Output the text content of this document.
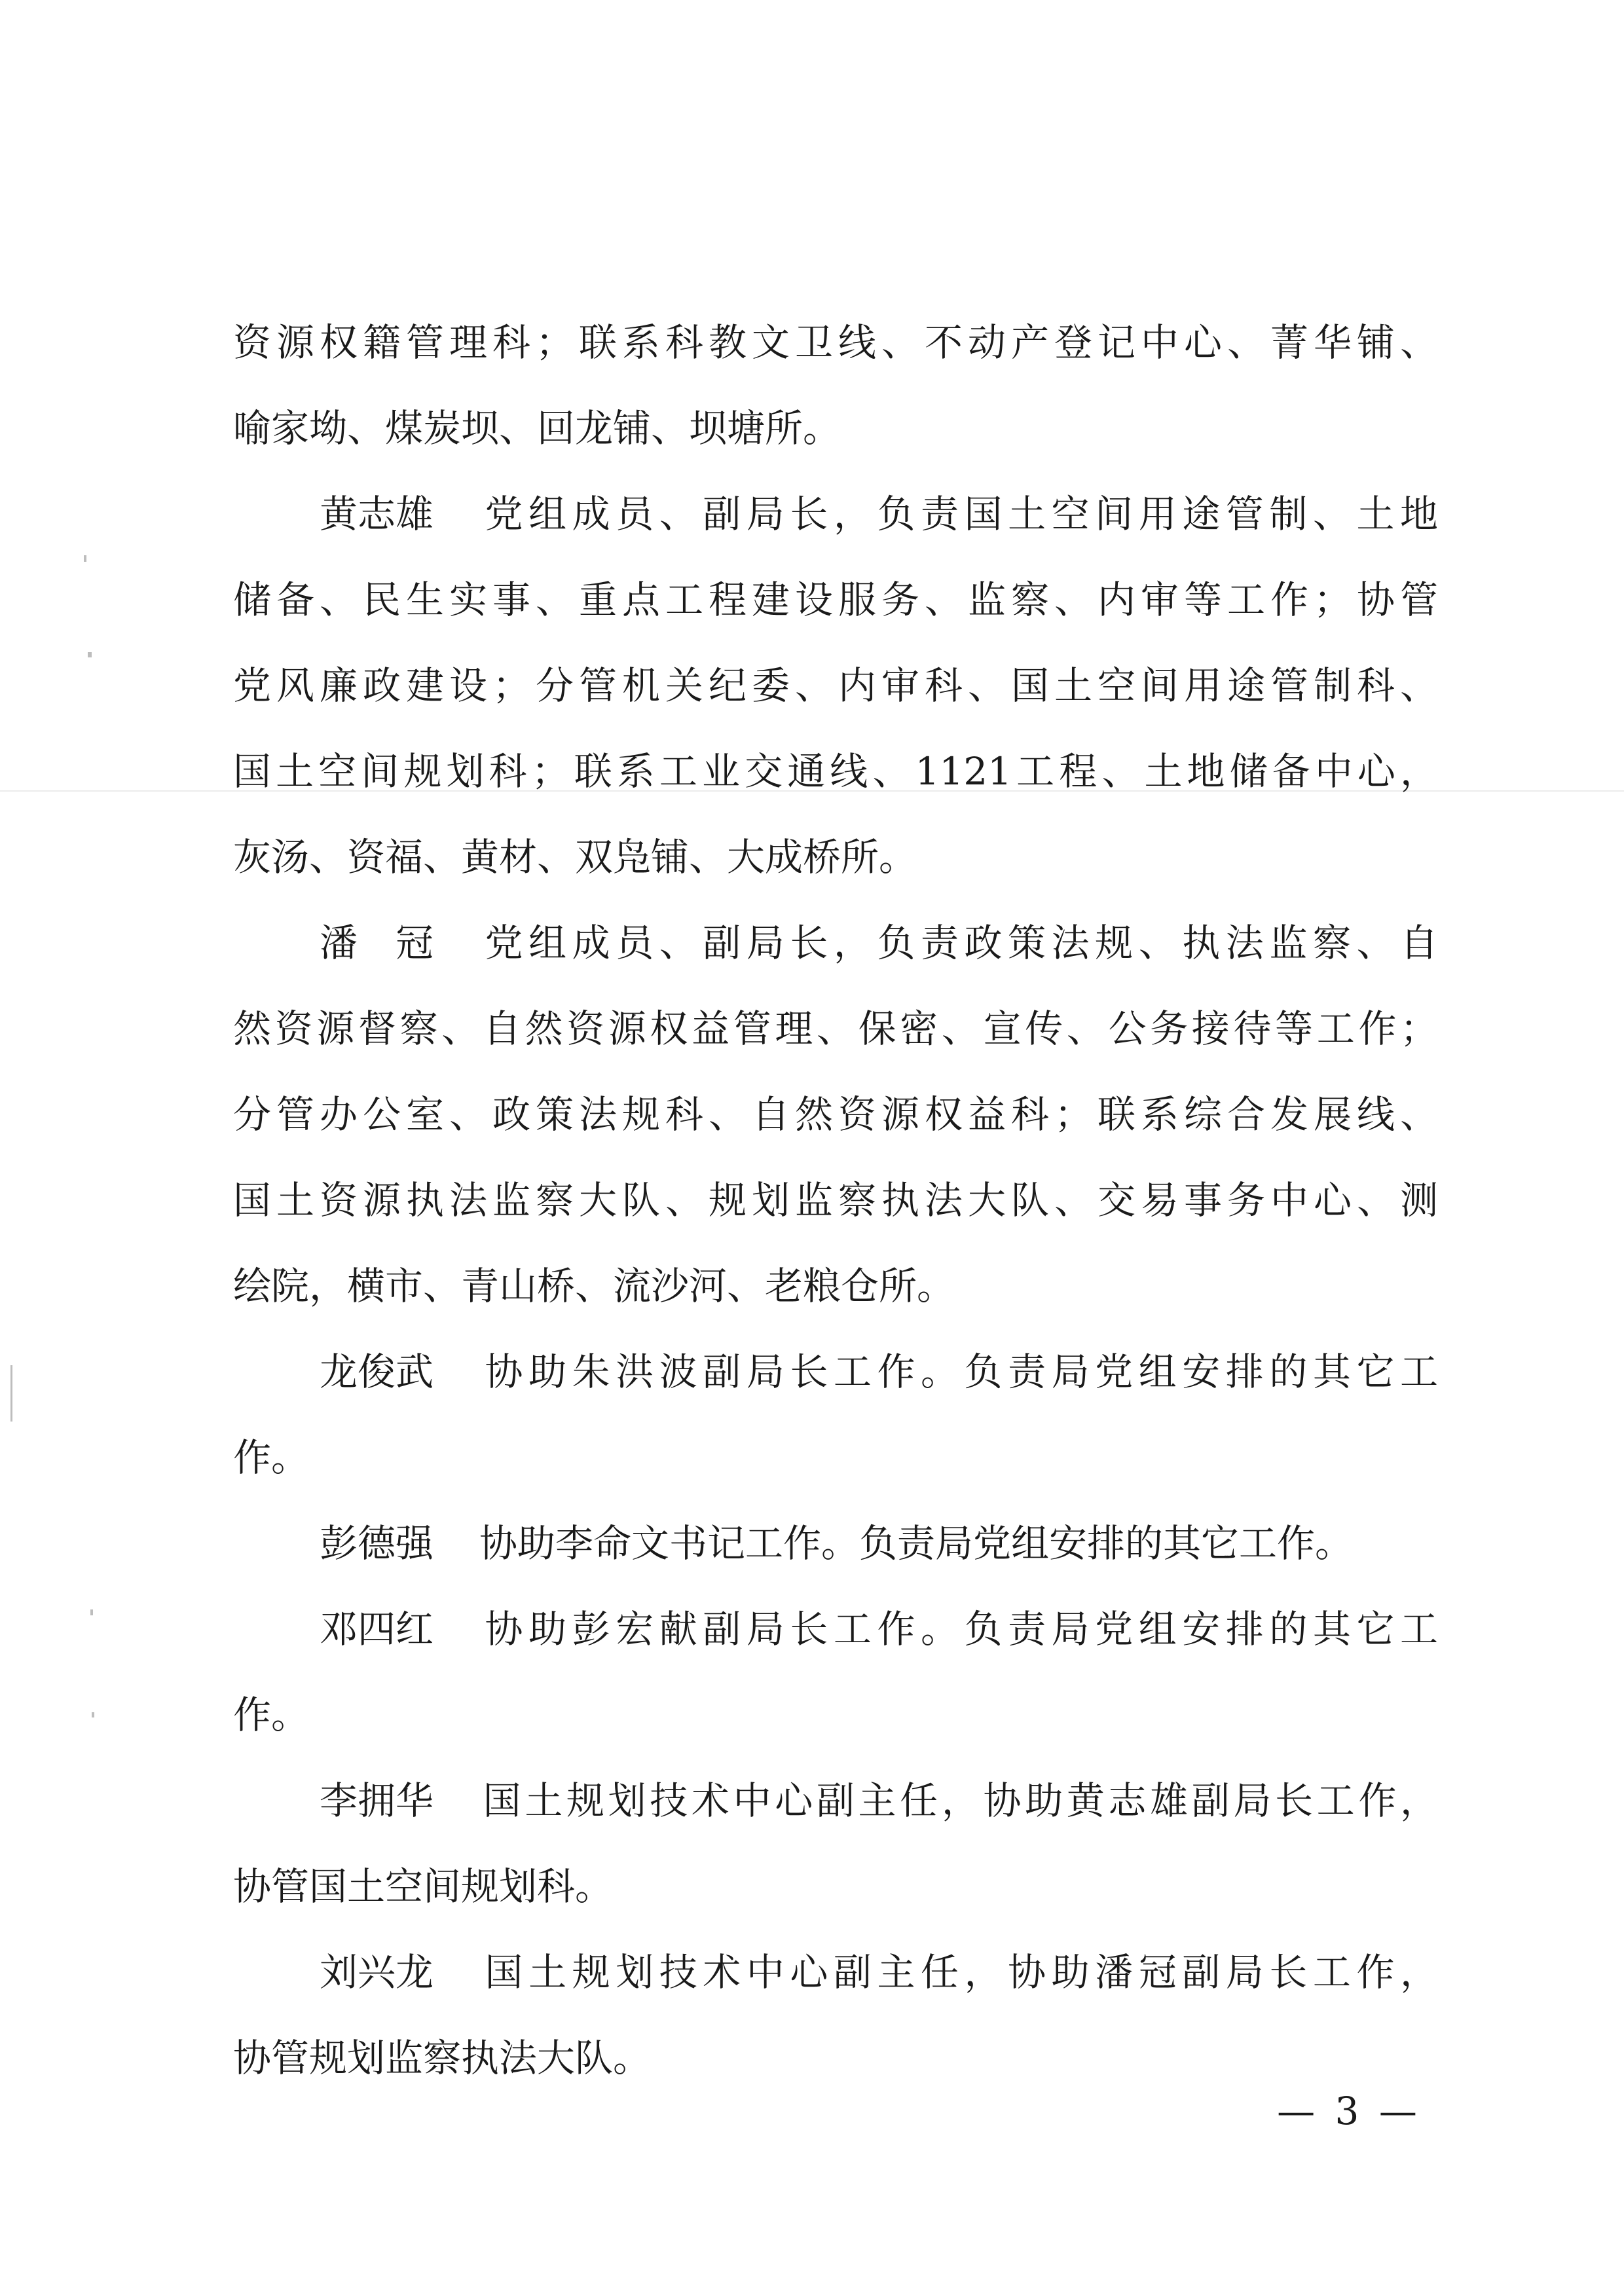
资源权籍管理科；联系科教文卫线、不动产登记中心、菁华铺、
喻家坳、煤炭坝、回龙铺、坝塘所。
黄志雄 党组成员、副局长，负责国土空间用途管制、土地
储备、民生实事、重点工程建设服务、监察、内审等工作；协管
党风廉政建设；分管机关纪委、内审科、国土空间用途管制科、
国土空间规划科；联系工业交通线、1121工程、土地储备中心，
灰汤、资福、黄材、双凫铺、大成桥所。
潘　冠 党组成员、副局长，负责政策法规、执法监察、自
然资源督察、自然资源权益管理、保密、宣传、公务接待等工作；
分管办公室、政策法规科、自然资源权益科；联系综合发展线、
国土资源执法监察大队、规划监察执法大队、交易事务中心、测
绘院，横市、青山桥、流沙河、老粮仓所。
龙俊武 协助朱洪波副局长工作。负责局党组安排的其它工
作。
彭德强 协助李命文书记工作。负责局党组安排的其它工作。
邓四红 协助彭宏献副局长工作。负责局党组安排的其它工
作。
李拥华 国土规划技术中心副主任，协助黄志雄副局长工作，
协管国土空间规划科。
刘兴龙 国土规划技术中心副主任，协助潘冠副局长工作，
协管规划监察执法大队。
— 3 —
